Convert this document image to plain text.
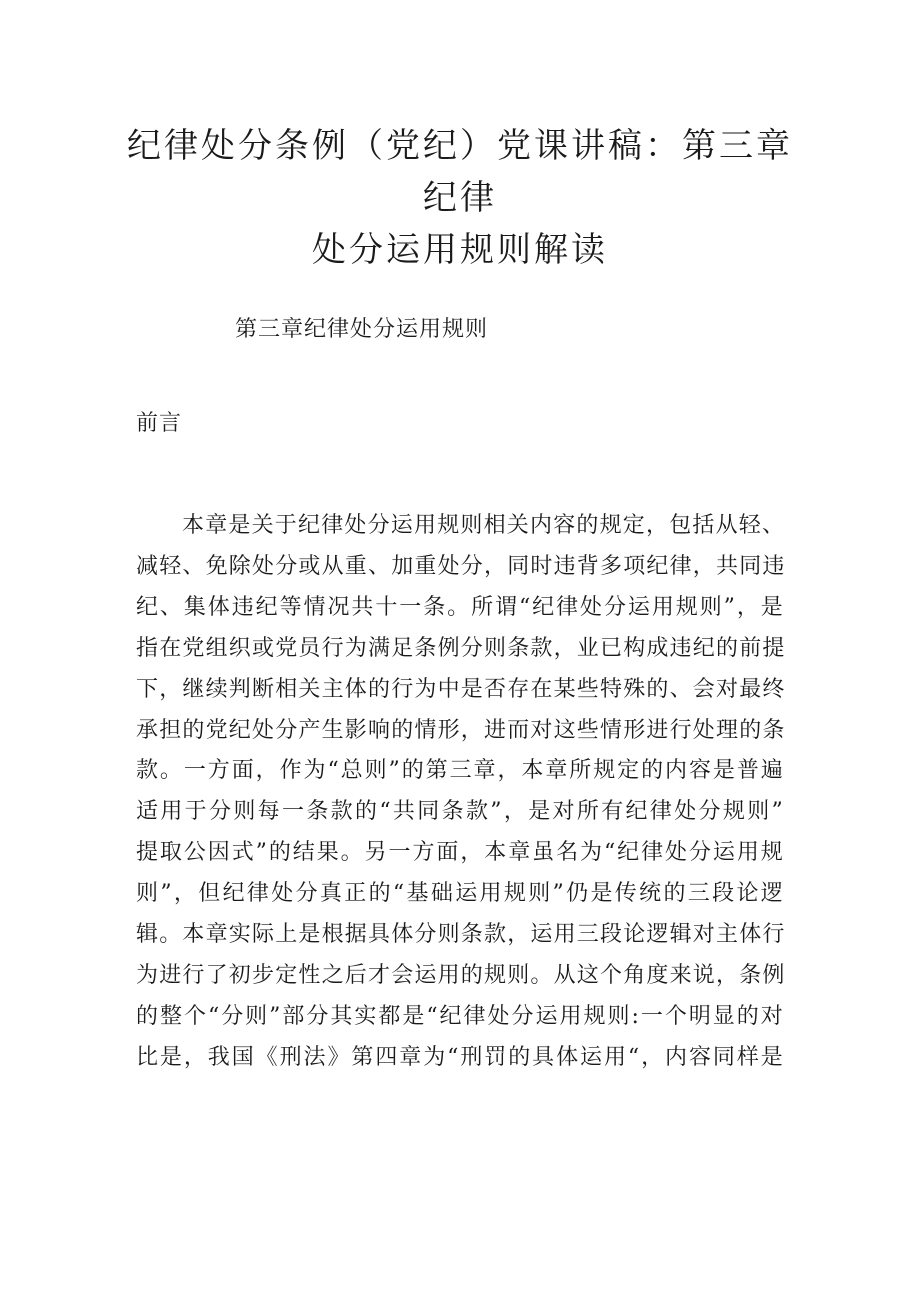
纪律处分条例（党纪）党课讲稿：第三章纪律
处分运用规则解读

第三章纪律处分运用规则

前言

本章是关于纪律处分运用规则相关内容的规定，包括从轻、
减轻、免除处分或从重、加重处分，同时违背多项纪律，共同违
纪、集体违纪等情况共十一条。所谓“纪律处分运用规则”，是
指在党组织或党员行为满足条例分则条款，业已构成违纪的前提
下，继续判断相关主体的行为中是否存在某些特殊的、会对最终
承担的党纪处分产生影响的情形，进而对这些情形进行处理的条
款。一方面，作为“总则”的第三章，本章所规定的内容是普遍
适用于分则每一条款的“共同条款”，是对所有纪律处分规则”
提取公因式”的结果。另一方面，本章虽名为“纪律处分运用规
则”，但纪律处分真正的“基础运用规则”仍是传统的三段论逻
辑。本章实际上是根据具体分则条款，运用三段论逻辑对主体行
为进行了初步定性之后才会运用的规则。从这个角度来说，条例
的整个“分则”部分其实都是“纪律处分运用规则:一个明显的对
比是，我国《刑法》第四章为“刑罚的具体运用“，内容同样是
